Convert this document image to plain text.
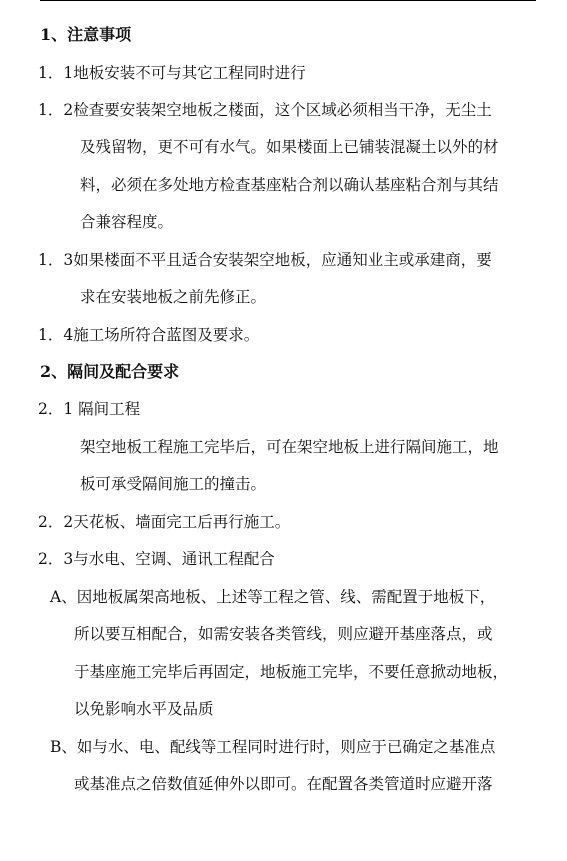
1、注意事项
1．1地板安装不可与其它工程同时进行
1．2检查要安装架空地板之楼面，这个区域必须相当干净，无尘土
及残留物，更不可有水气。如果楼面上已铺装混凝土以外的材
料，必须在多处地方检查基座粘合剂以确认基座粘合剂与其结
合兼容程度。
1．3如果楼面不平且适合安装架空地板，应通知业主或承建商，要
求在安装地板之前先修正。
1．4施工场所符合蓝图及要求。
2、隔间及配合要求
2．1 隔间工程
架空地板工程施工完毕后，可在架空地板上进行隔间施工，地
板可承受隔间施工的撞击。
2．2天花板、墙面完工后再行施工。
2．3与水电、空调、通讯工程配合
A、因地板属架高地板、上述等工程之管、线、需配置于地板下，
所以要互相配合，如需安装各类管线，则应避开基座落点，或
于基座施工完毕后再固定，地板施工完毕，不要任意掀动地板，
以免影响水平及品质
B、如与水、电、配线等工程同时进行时，则应于已确定之基准点
或基准点之倍数值延伸外以即可。在配置各类管道时应避开落
